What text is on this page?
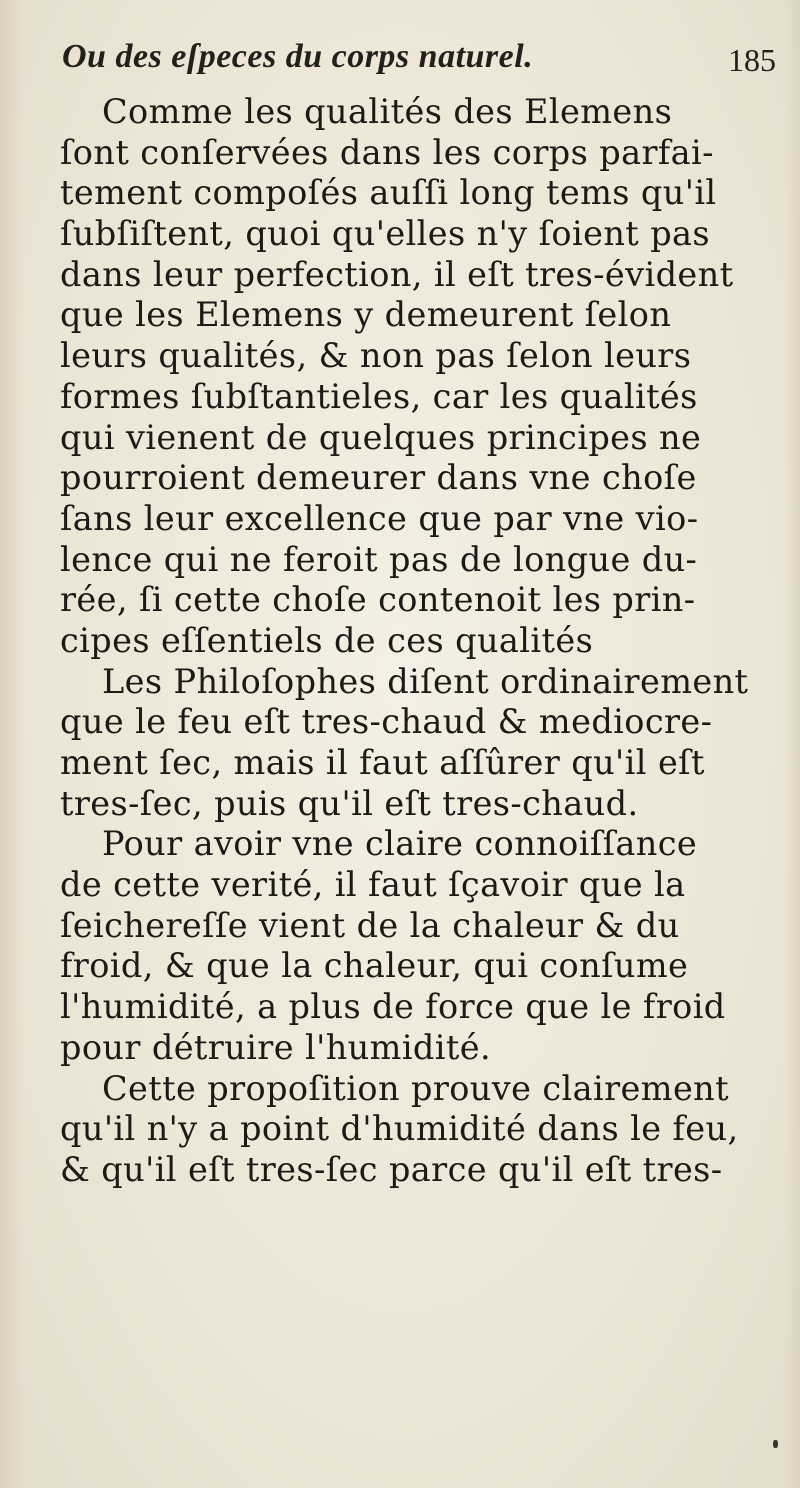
Ou des eſpeces du corps naturel.	185
Comme les qualités des Elemens
ſont conſervées dans les corps parfai-
tement compoſés auſſi long tems qu'il
ſubſiſtent, quoi qu'elles n'y ſoient pas
dans leur perfection, il eſt tres-évident
que les Elemens y demeurent ſelon
leurs qualités, & non pas ſelon leurs
formes ſubſtantieles, car les qualités
qui vienent de quelques principes ne
pourroient demeurer dans vne choſe
ſans leur excellence que par vne vio-
lence qui ne feroit pas de longue du-
rée, ſi cette choſe contenoit les prin-
cipes eſſentiels de ces qualités
Les Philoſophes diſent ordinairement
que le feu eſt tres-chaud & mediocre-
ment ſec, mais il faut aſſûrer qu'il eſt
tres-ſec, puis qu'il eſt tres-chaud.
Pour avoir vne claire connoiſſance
de cette verité, il faut ſçavoir que la
ſeichereſſe vient de la chaleur & du
froid, & que la chaleur, qui conſume
l'humidité, a plus de force que le froid
pour détruire l'humidité.
Cette propoſition prouve clairement
qu'il n'y a point d'humidité dans le feu,
& qu'il eſt tres-ſec parce qu'il eſt tres-
